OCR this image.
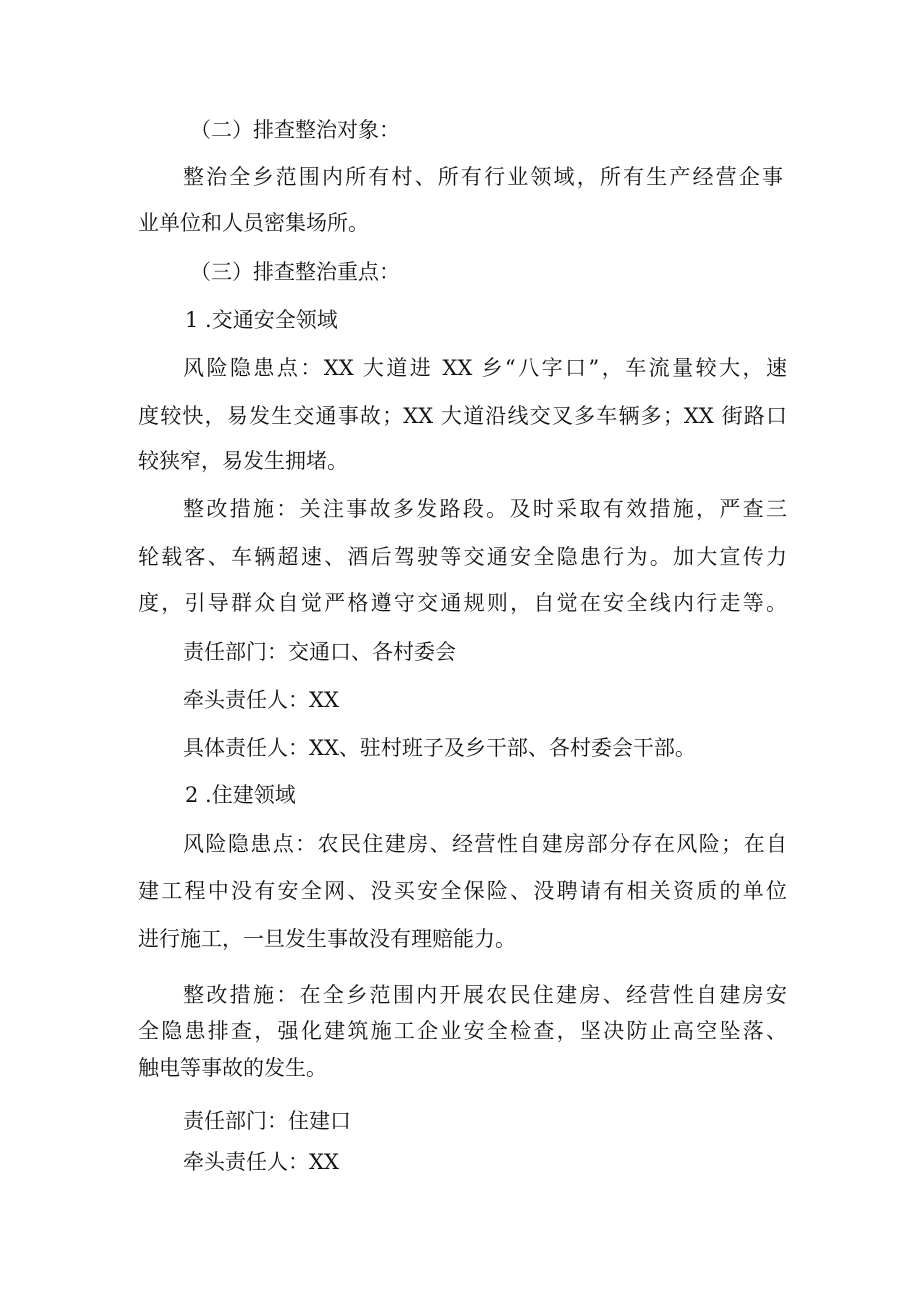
（二）排查整治对象：
整治全乡范围内所有村、所有行业领域，所有生产经营企事
业单位和人员密集场所。
（三）排查整治重点：
1 .交通安全领域
风险隐患点：XX 大道进 XX 乡“八字口”，车流量较大，速
度较快，易发生交通事故；XX 大道沿线交叉多车辆多；XX 街路口
较狭窄，易发生拥堵。
整改措施：关注事故多发路段。及时采取有效措施，严查三
轮载客、车辆超速、酒后驾驶等交通安全隐患行为。加大宣传力
度，引导群众自觉严格遵守交通规则，自觉在安全线内行走等。
责任部门：交通口、各村委会
牵头责任人：XX
具体责任人：XX、驻村班子及乡干部、各村委会干部。
2 .住建领域
风险隐患点：农民住建房、经营性自建房部分存在风险；在自
建工程中没有安全网、没买安全保险、没聘请有相关资质的单位
进行施工，一旦发生事故没有理赔能力。
整改措施：在全乡范围内开展农民住建房、经营性自建房安
全隐患排查，强化建筑施工企业安全检查，坚决防止高空坠落、
触电等事故的发生。
责任部门：住建口
牵头责任人：XX
